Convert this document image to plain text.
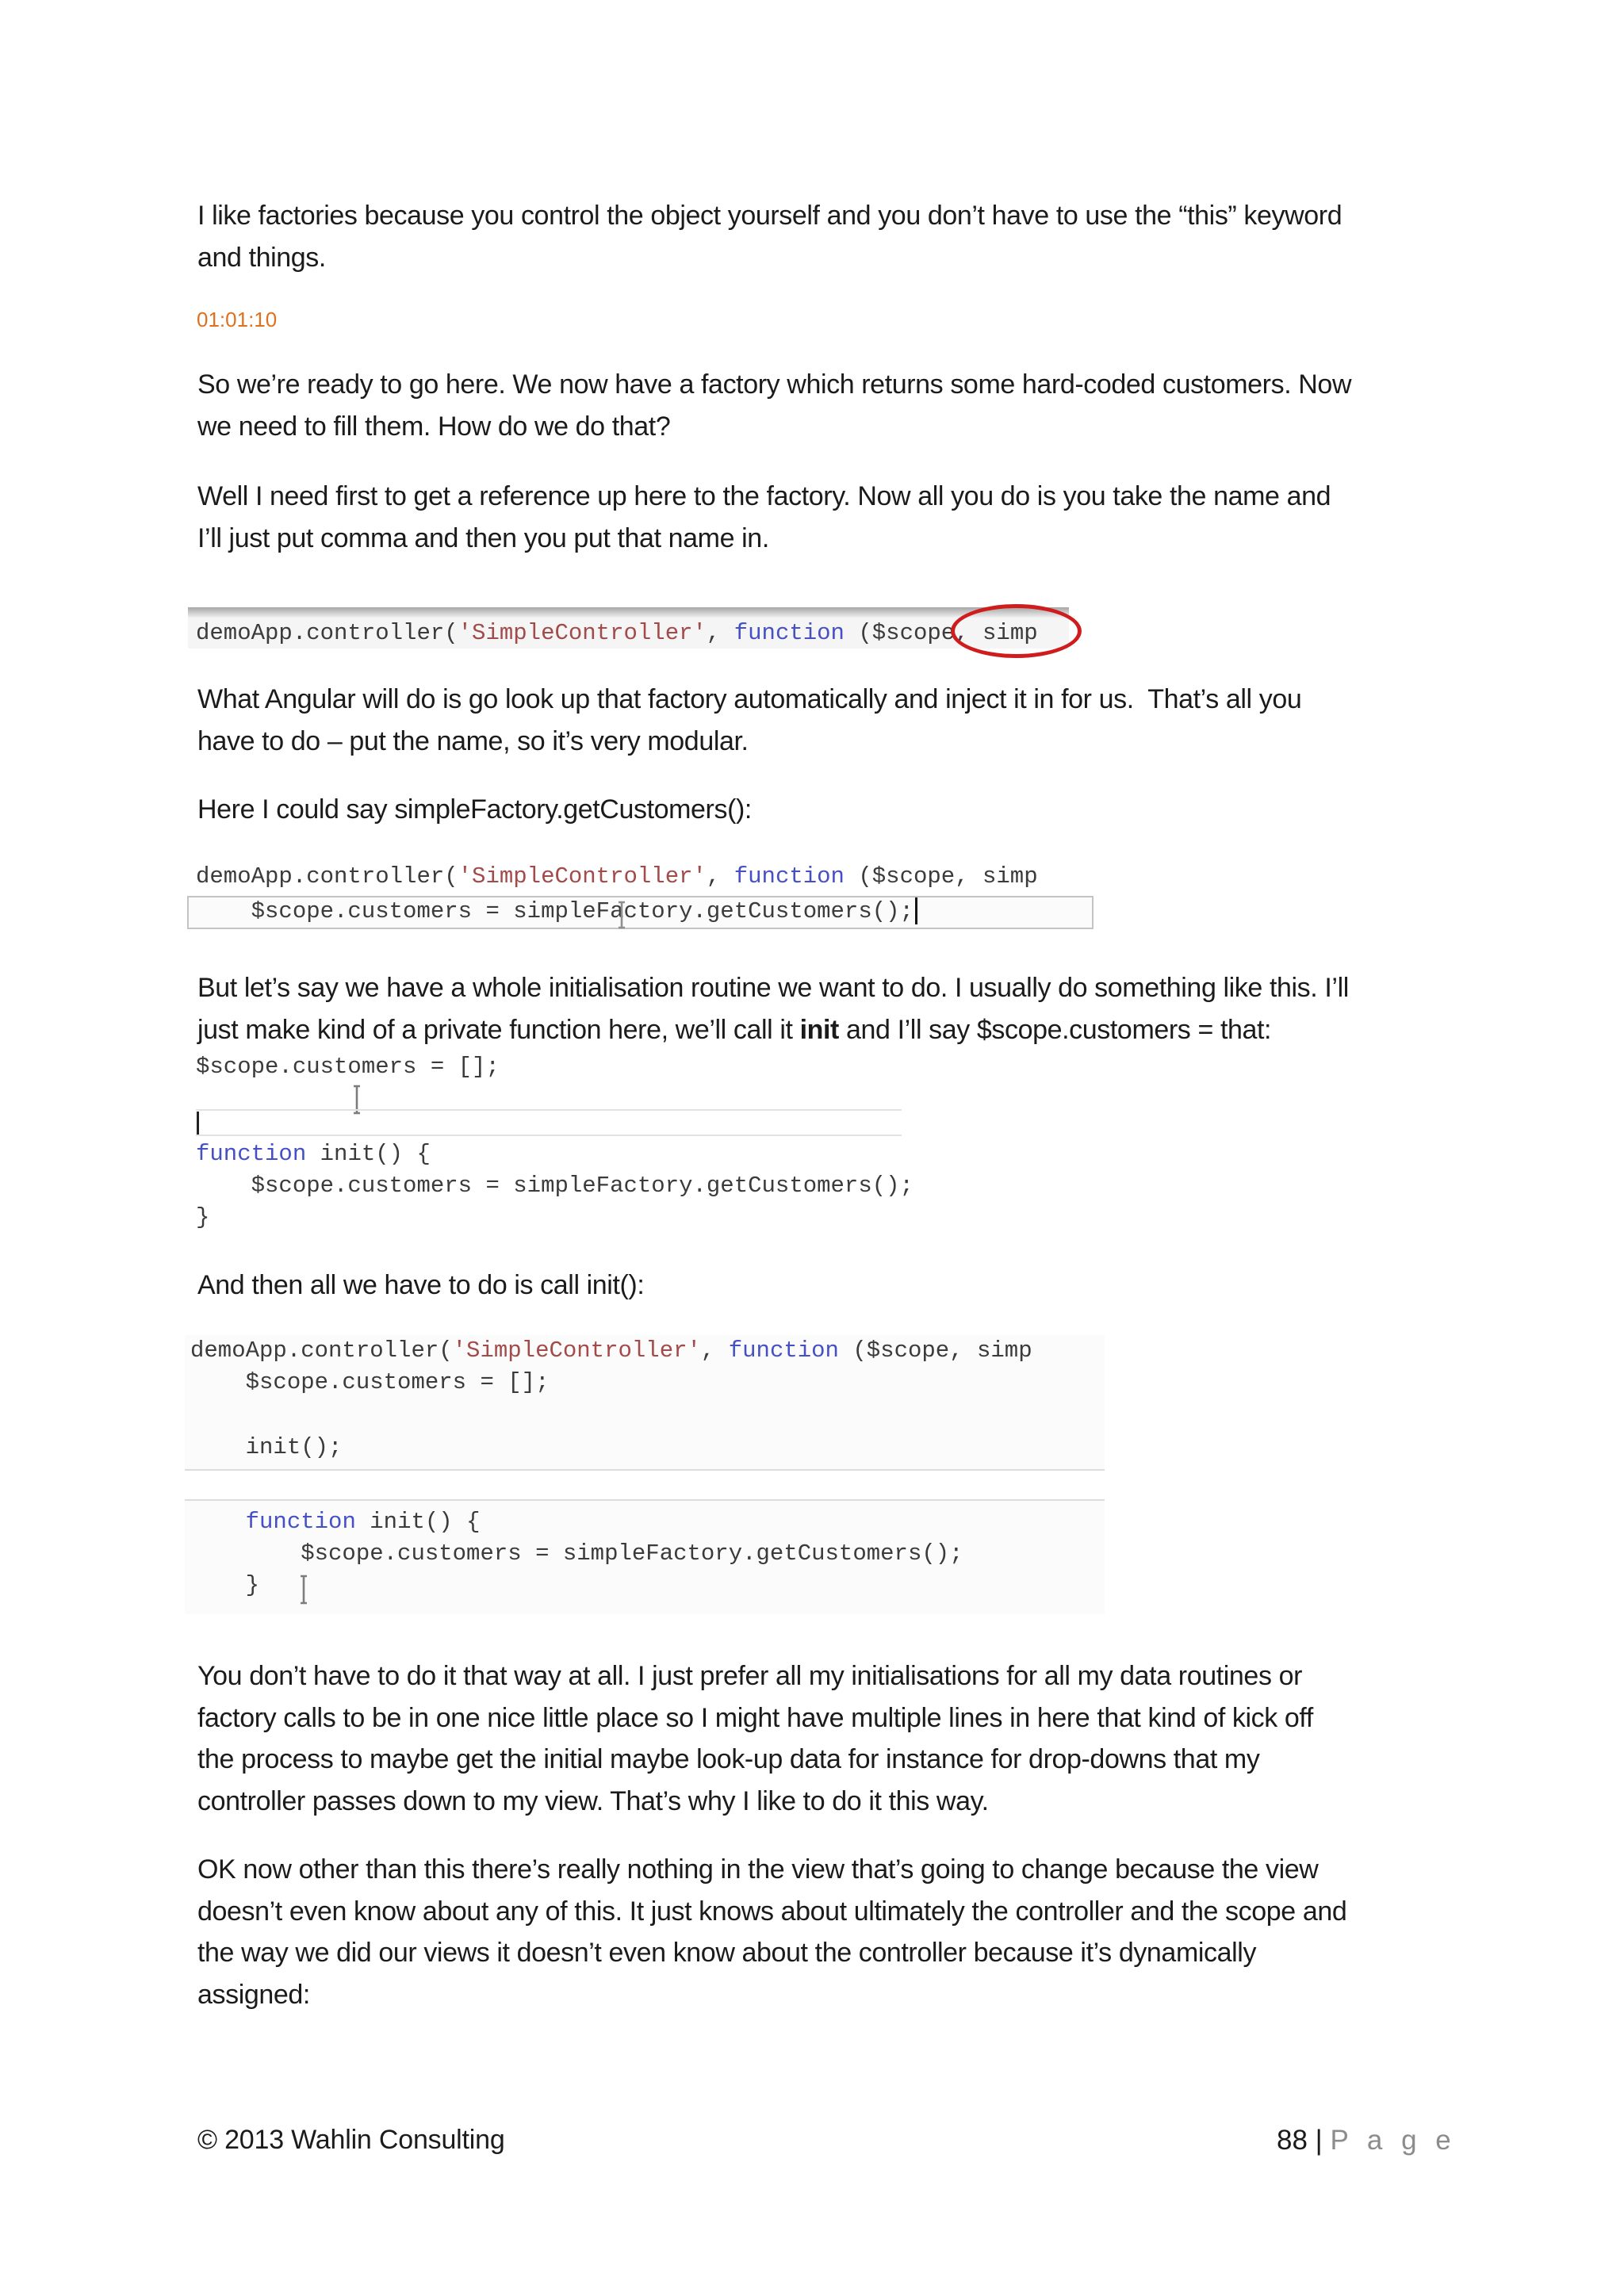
I like factories because you control the object yourself and you don’t have to use the “this” keyword
and things.
01:01:10
So we’re ready to go here. We now have a factory which returns some hard-coded customers. Now
we need to fill them. How do we do that?
Well I need first to get a reference up here to the factory. Now all you do is you take the name and
I’ll just put comma and then you put that name in.
demoApp.controller('SimpleController', function ($scope, simp
What Angular will do is go look up that factory automatically and inject it in for us.  That’s all you
have to do – put the name, so it’s very modular.
Here I could say simpleFactory.getCustomers():
demoApp.controller('SimpleController', function ($scope, simp
$scope.customers = simpleFactory.getCustomers();
But let’s say we have a whole initialisation routine we want to do. I usually do something like this. I’ll
just make kind of a private function here, we’ll call it init and I’ll say $scope.customers = that:
$scope.customers = [];
function init() {
$scope.customers = simpleFactory.getCustomers();
}
And then all we have to do is call init():
demoApp.controller('SimpleController', function ($scope, simp
$scope.customers = [];
init();
function init() {
$scope.customers = simpleFactory.getCustomers();
}
You don’t have to do it that way at all. I just prefer all my initialisations for all my data routines or
factory calls to be in one nice little place so I might have multiple lines in here that kind of kick off
the process to maybe get the initial maybe look-up data for instance for drop-downs that my
controller passes down to my view. That’s why I like to do it this way.
OK now other than this there’s really nothing in the view that’s going to change because the view
doesn’t even know about any of this. It just knows about ultimately the controller and the scope and
the way we did our views it doesn’t even know about the controller because it’s dynamically
assigned:
© 2013 Wahlin Consulting	88 | P a g e
